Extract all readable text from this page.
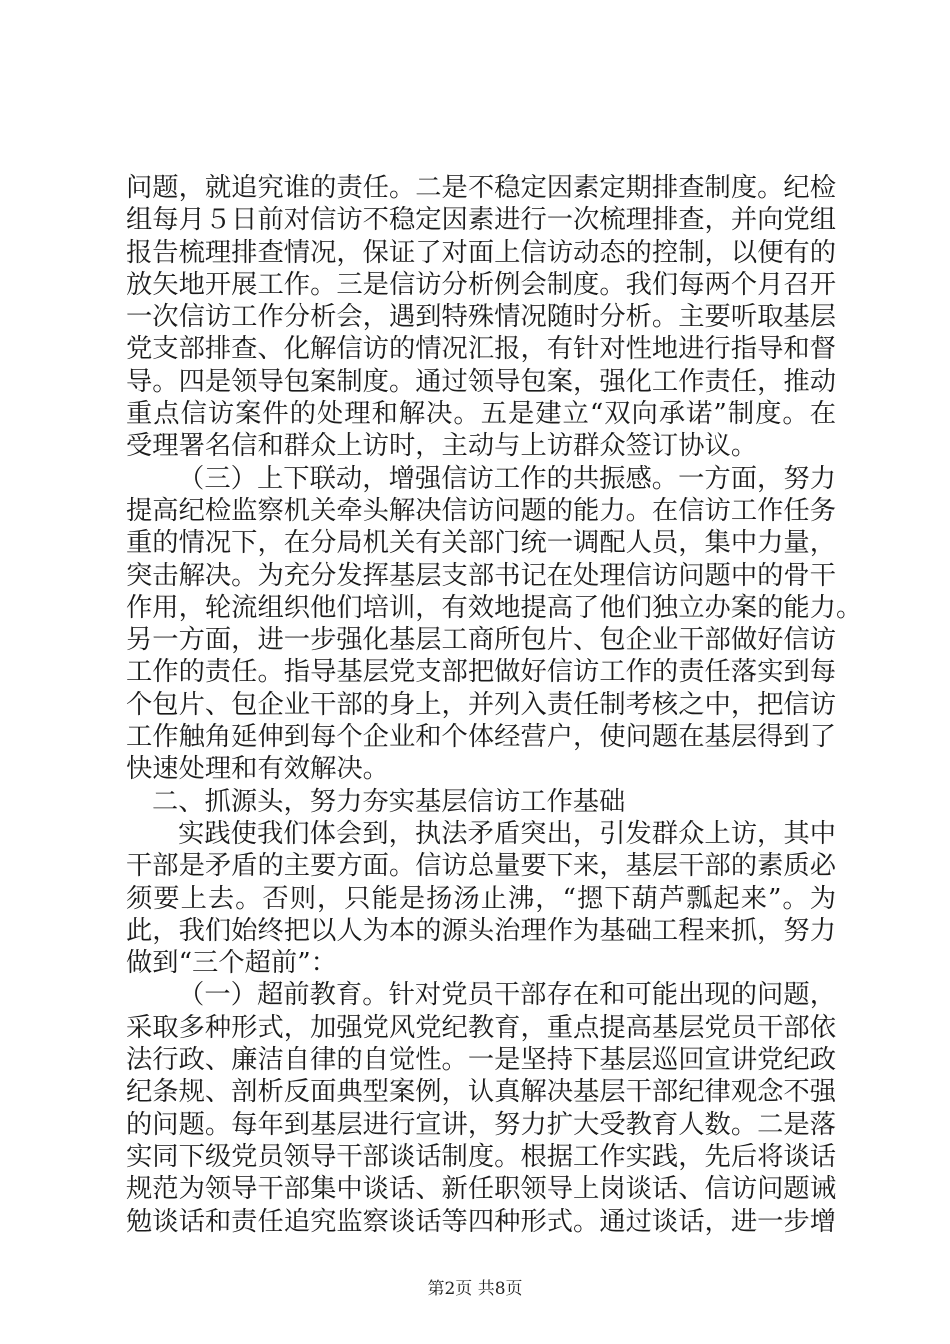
问题，就追究谁的责任。二是不稳定因素定期排查制度。纪检
组每月５日前对信访不稳定因素进行一次梳理排查，并向党组
报告梳理排查情况，保证了对面上信访动态的控制，以便有的
放矢地开展工作。三是信访分析例会制度。我们每两个月召开
一次信访工作分析会，遇到特殊情况随时分析。主要听取基层
党支部排查、化解信访的情况汇报，有针对性地进行指导和督
导。四是领导包案制度。通过领导包案，强化工作责任，推动
重点信访案件的处理和解决。五是建立“双向承诺”制度。在
受理署名信和群众上访时，主动与上访群众签订协议。
（三）上下联动，增强信访工作的共振感。一方面，努力
提高纪检监察机关牵头解决信访问题的能力。在信访工作任务
重的情况下，在分局机关有关部门统一调配人员，集中力量，
突击解决。为充分发挥基层支部书记在处理信访问题中的骨干
作用，轮流组织他们培训，有效地提高了他们独立办案的能力。
另一方面，进一步强化基层工商所包片、包企业干部做好信访
工作的责任。指导基层党支部把做好信访工作的责任落实到每
个包片、包企业干部的身上，并列入责任制考核之中，把信访
工作触角延伸到每个企业和个体经营户，使问题在基层得到了
快速处理和有效解决。
二、抓源头，努力夯实基层信访工作基础
实践使我们体会到，执法矛盾突出，引发群众上访，其中
干部是矛盾的主要方面。信访总量要下来，基层干部的素质必
须要上去。否则，只能是扬汤止沸，“摁下葫芦瓢起来”。为
此，我们始终把以人为本的源头治理作为基础工程来抓，努力
做到“三个超前”：
（一）超前教育。针对党员干部存在和可能出现的问题，
采取多种形式，加强党风党纪教育，重点提高基层党员干部依
法行政、廉洁自律的自觉性。一是坚持下基层巡回宣讲党纪政
纪条规、剖析反面典型案例，认真解决基层干部纪律观念不强
的问题。每年到基层进行宣讲，努力扩大受教育人数。二是落
实同下级党员领导干部谈话制度。根据工作实践，先后将谈话
规范为领导干部集中谈话、新任职领导上岗谈话、信访问题诫
勉谈话和责任追究监察谈话等四种形式。通过谈话，进一步增
第2页 共8页
